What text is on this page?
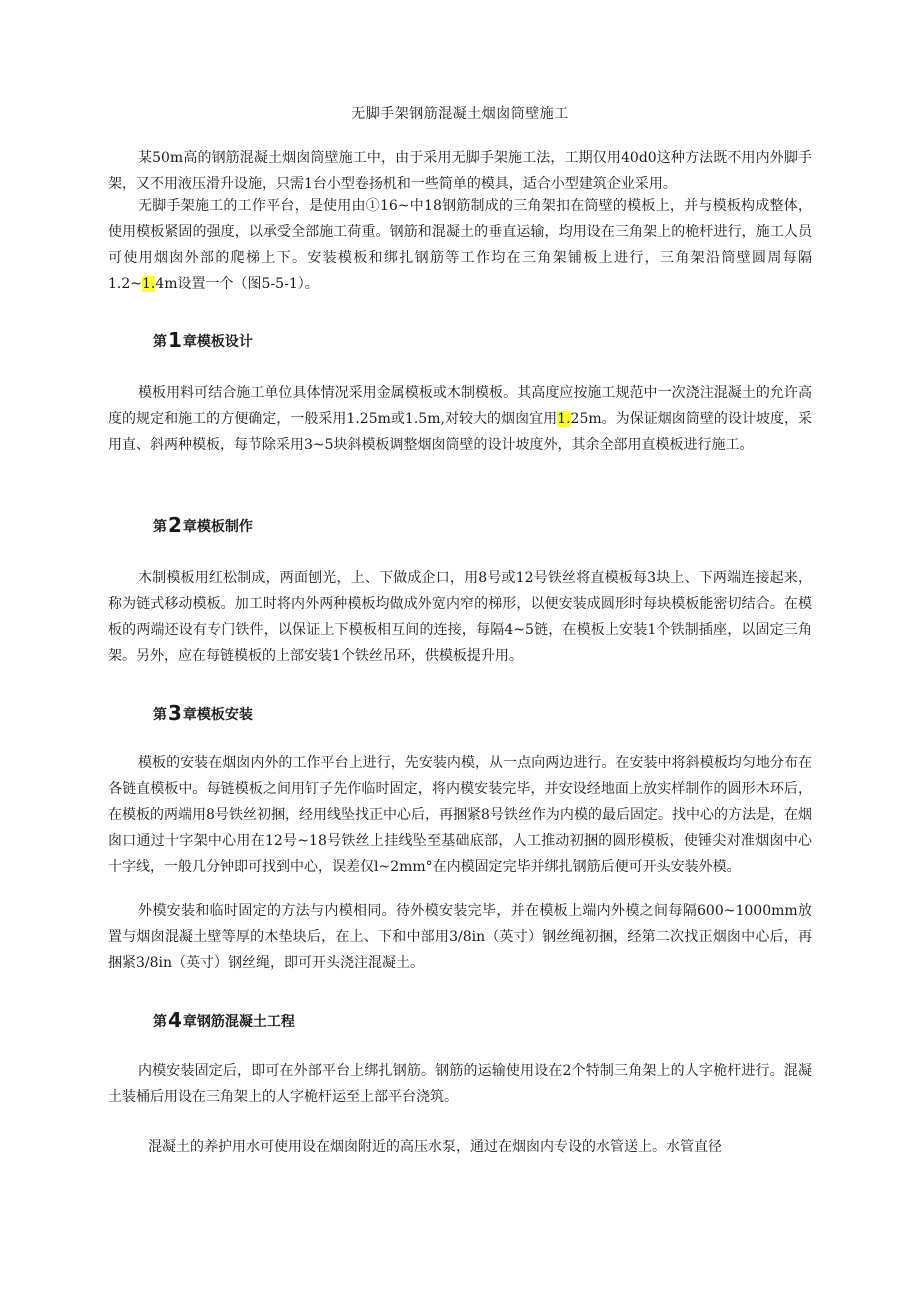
无脚手架钢筋混凝土烟囱筒壁施工

某50m高的钢筋混凝土烟囱筒壁施工中，由于采用无脚手架施工法，工期仅用40d0这种方法既不用内外脚手架，又不用液压滑升设施，只需1台小型卷扬机和一些简单的模具，适合小型建筑企业采用。

无脚手架施工的工作平台，是使用由①16~中18钢筋制成的三角架扣在筒壁的模板上，并与模板构成整体，使用模板紧固的强度，以承受全部施工荷重。钢筋和混凝土的垂直运输，均用设在三角架上的桅杆进行，施工人员可使用烟囱外部的爬梯上下。安装模板和绑扎钢筋等工作均在三角架铺板上进行，三角架沿筒壁圆周每隔1.2~1.4m设置一个（图5-5-1）。

第1章模板设计

模板用料可结合施工单位具体情况采用金属模板或木制模板。其高度应按施工规范中一次浇注混凝土的允许高度的规定和施工的方便确定，一般采用1.25m或1.5m,对较大的烟囱宜用1.25m。为保证烟囱筒壁的设计坡度，采用直、斜两种模板，每节除采用3~5块斜模板调整烟囱筒壁的设计坡度外，其余全部用直模板进行施工。

第2章模板制作

木制模板用红松制成，两面刨光，上、下做成企口，用8号或12号铁丝将直模板每3块上、下两端连接起来，称为链式移动模板。加工时将内外两种模板均做成外宽内窄的梯形，以便安装成圆形时每块模板能密切结合。在模板的两端还设有专门铁件，以保证上下模板相互间的连接，每隔4~5链，在模板上安装1个铁制插座，以固定三角架。另外，应在每链模板的上部安装1个铁丝吊环，供模板提升用。

第3章模板安装

模板的安装在烟囱内外的工作平台上进行，先安装内模，从一点向两边进行。在安装中将斜模板均匀地分布在各链直模板中。每链模板之间用钉子先作临时固定，将内模安装完毕，并安设经地面上放实样制作的圆形木环后，在模板的两端用8号铁丝初捆，经用线坠找正中心后，再捆紧8号铁丝作为内模的最后固定。找中心的方法是，在烟囱口通过十字架中心用在12号~18号铁丝上挂线坠至基础底部，人工推动初捆的圆形模板，使锤尖对准烟囱中心十字线，一般几分钟即可找到中心，误差仅l~2mm°在内模固定完毕并绑扎钢筋后便可开头安装外模。

外模安装和临时固定的方法与内模相同。待外模安装完毕，并在模板上端内外模之间每隔600~1000mm放置与烟囱混凝土壁等厚的木垫块后，在上、下和中部用3/8in（英寸）钢丝绳初捆，经第二次找正烟囱中心后，再捆紧3/8in（英寸）钢丝绳，即可开头浇注混凝土。

第4章钢筋混凝土工程

内模安装固定后，即可在外部平台上绑扎钢筋。钢筋的运输使用设在2个特制三角架上的人字桅杆进行。混凝土装桶后用设在三角架上的人字桅杆运至上部平台浇筑。

混凝土的养护用水可使用设在烟囱附近的高压水泵，通过在烟囱内专设的水管送上。水管直径
